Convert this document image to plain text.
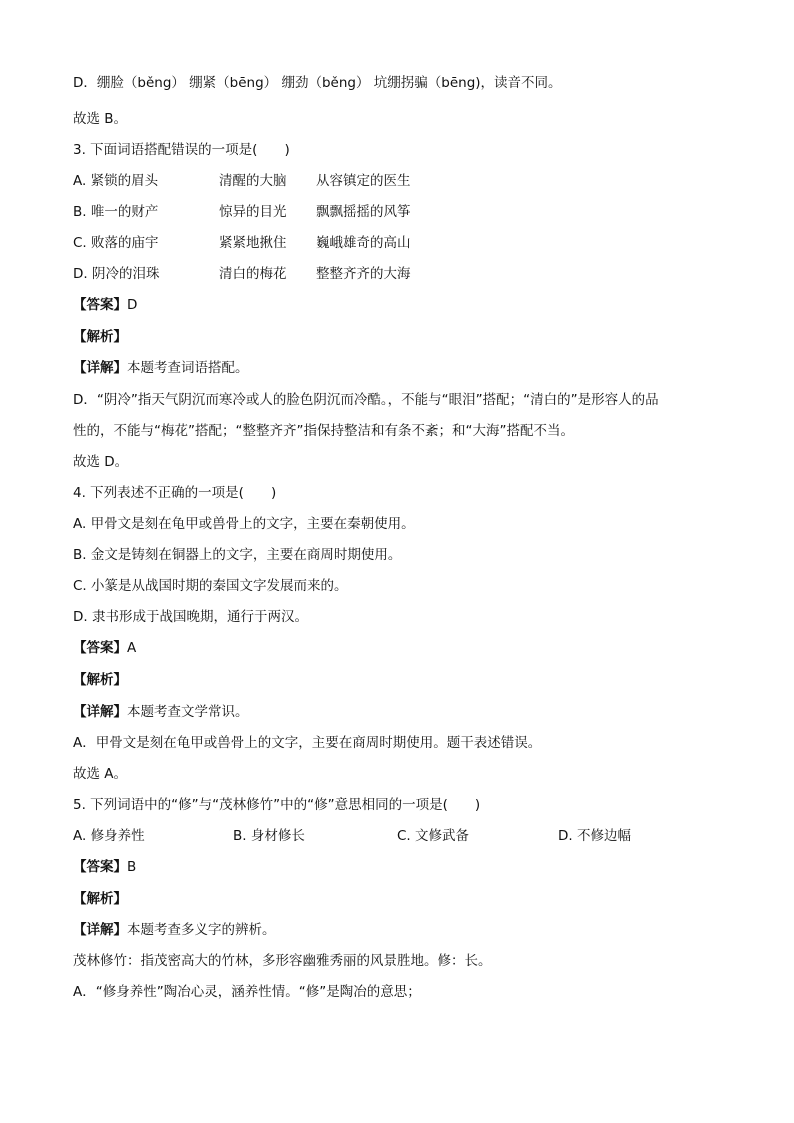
D．绷脸（běng） 绷紧（bēng） 绷劲（běng） 坑绷拐骗（bēng)，读音不同。
故选 B。
3. 下面词语搭配错误的一项是(　　)
A. 紧锁的眉头	清醒的大脑 从容镇定的医生
B. 唯一的财产	惊异的目光 飘飘摇摇的风筝
C. 败落的庙宇	紧紧地揪住 巍峨雄奇的高山
D. 阴冷的泪珠	清白的梅花 整整齐齐的大海
【答案】D
【解析】
【详解】本题考查词语搭配。
D．“阴冷”指天气阴沉而寒冷或人的脸色阴沉而冷酷。，不能与“眼泪”搭配；“清白的”是形容人的品
性的，不能与“梅花”搭配；“整整齐齐”指保持整洁和有条不紊；和“大海”搭配不当。
故选 D。
4. 下列表述不正确的一项是(　　)
A. 甲骨文是刻在龟甲或兽骨上的文字，主要在秦朝使用。
B. 金文是铸刻在铜器上的文字，主要在商周时期使用。
C. 小篆是从战国时期的秦国文字发展而来的。
D. 隶书形成于战国晚期，通行于两汉。
【答案】A
【解析】
【详解】本题考查文学常识。
A．甲骨文是刻在龟甲或兽骨上的文字，主要在商周时期使用。题干表述错误。
故选 A。
5. 下列词语中的“修”与“茂林修竹”中的“修”意思相同的一项是(　　)
A. 修身养性	B. 身材修长	C. 文修武备	D. 不修边幅
【答案】B
【解析】
【详解】本题考查多义字的辨析。
茂林修竹：指茂密高大的竹林，多形容幽雅秀丽的风景胜地。修：长。
A．“修身养性”陶冶心灵，涵养性情。“修”是陶冶的意思；
